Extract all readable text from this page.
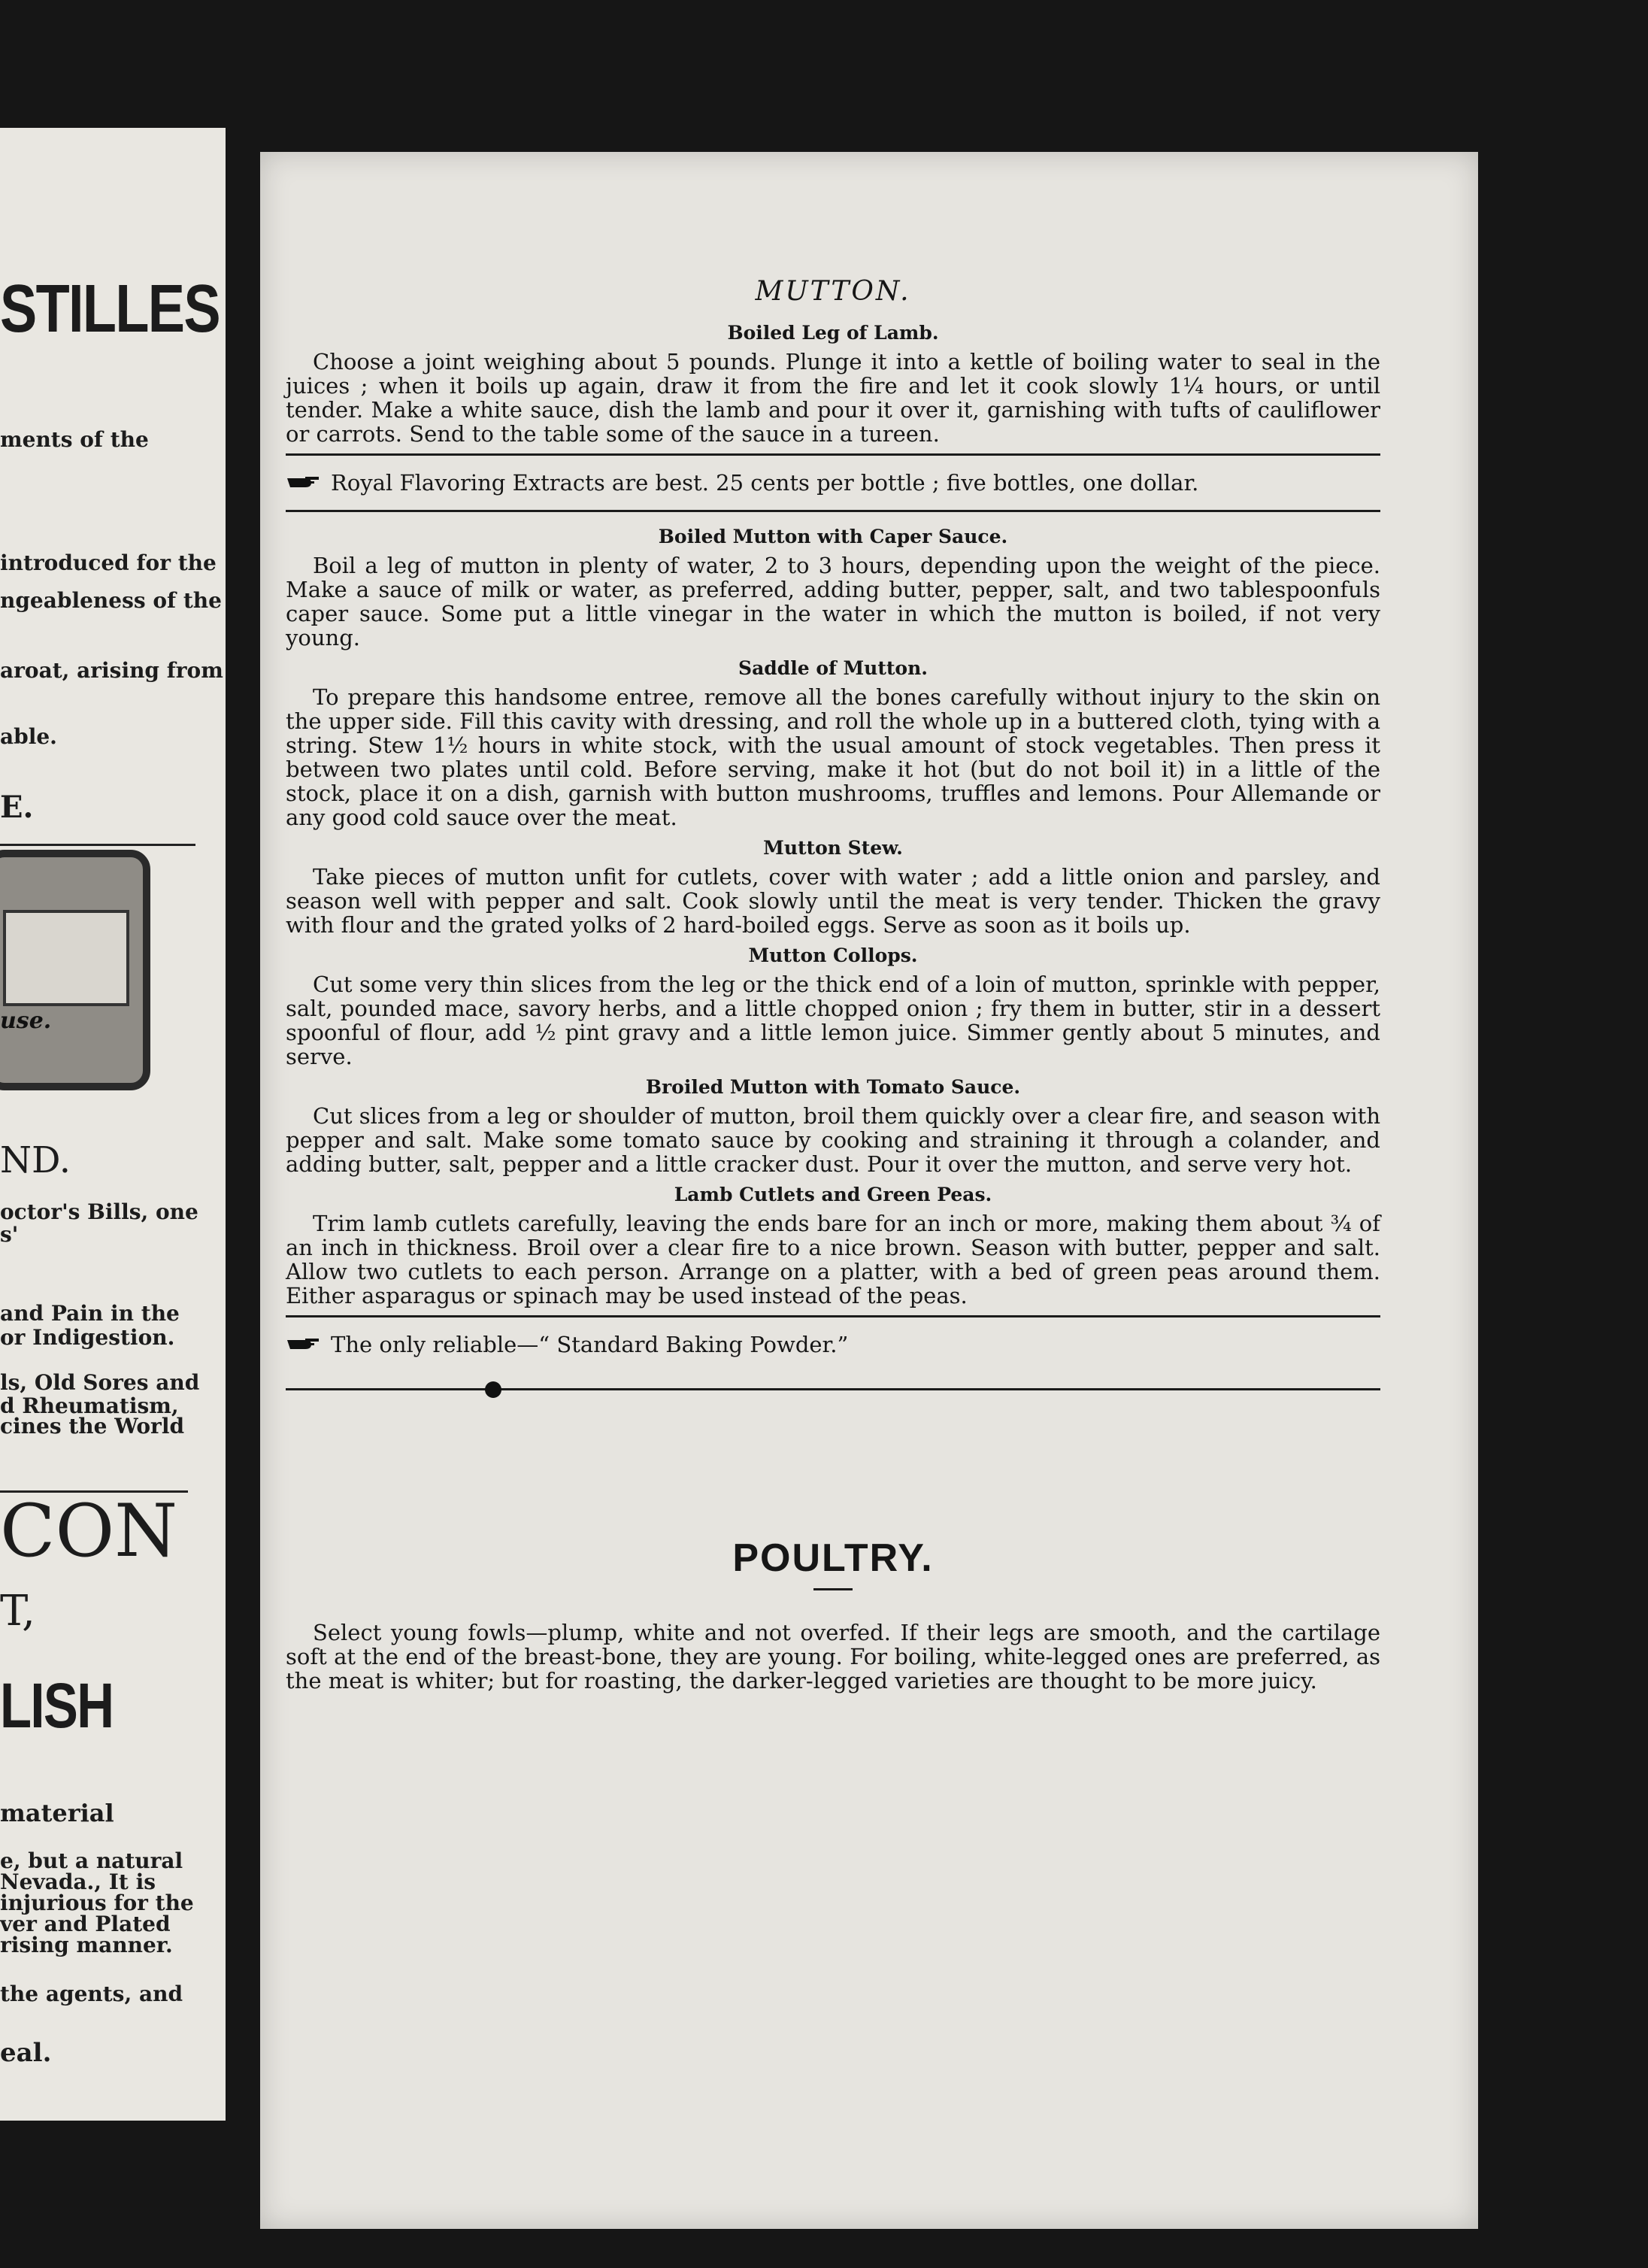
STILLES
ments of the
introduced for the
ngeableness of the
aroat, arising from
able.
E.
use.
ND.
octor's Bills, one
s'
and Pain in the
or Indigestion.
ls, Old Sores and
d Rheumatism,
cines the World
CON
T,
LISH
material
e, but a natural
Nevada., It is
injurious for the
ver and Plated
rising manner.
the agents, and
eal.
MUTTON.
Boiled Leg of Lamb.
Choose a joint weighing about 5 pounds. Plunge it into a kettle of boiling water to seal in the juices ; when it boils up again, draw it from the fire and let it cook slowly 1¼ hours, or until tender. Make a white sauce, dish the lamb and pour it over it, garnishing with tufts of cauliflower or carrots. Send to the table some of the sauce in a tureen.
Royal Flavoring Extracts are best. 25 cents per bottle ; five bottles, one dollar.
Boiled Mutton with Caper Sauce.
Boil a leg of mutton in plenty of water, 2 to 3 hours, depending upon the weight of the piece. Make a sauce of milk or water, as preferred, adding butter, pepper, salt, and two tablespoonfuls caper sauce. Some put a little vinegar in the water in which the mutton is boiled, if not very young.
Saddle of Mutton.
To prepare this handsome entree, remove all the bones carefully without injury to the skin on the upper side. Fill this cavity with dressing, and roll the whole up in a buttered cloth, tying with a string. Stew 1½ hours in white stock, with the usual amount of stock vegetables. Then press it between two plates until cold. Before serving, make it hot (but do not boil it) in a little of the stock, place it on a dish, garnish with button mushrooms, truffles and lemons. Pour Allemande or any good cold sauce over the meat.
Mutton Stew.
Take pieces of mutton unfit for cutlets, cover with water ; add a little onion and parsley, and season well with pepper and salt. Cook slowly until the meat is very tender. Thicken the gravy with flour and the grated yolks of 2 hard-boiled eggs. Serve as soon as it boils up.
Mutton Collops.
Cut some very thin slices from the leg or the thick end of a loin of mutton, sprinkle with pepper, salt, pounded mace, savory herbs, and a little chopped onion ; fry them in butter, stir in a dessert spoonful of flour, add ½ pint gravy and a little lemon juice. Simmer gently about 5 minutes, and serve.
Broiled Mutton with Tomato Sauce.
Cut slices from a leg or shoulder of mutton, broil them quickly over a clear fire, and season with pepper and salt. Make some tomato sauce by cooking and straining it through a colander, and adding butter, salt, pepper and a little cracker dust. Pour it over the mutton, and serve very hot.
Lamb Cutlets and Green Peas.
Trim lamb cutlets carefully, leaving the ends bare for an inch or more, making them about ¾ of an inch in thickness. Broil over a clear fire to a nice brown. Season with butter, pepper and salt. Allow two cutlets to each person. Arrange on a platter, with a bed of green peas around them. Either asparagus or spinach may be used instead of the peas.
The only reliable—“ Standard Baking Powder.”
POULTRY.
Select young fowls—plump, white and not overfed. If their legs are smooth, and the cartilage soft at the end of the breast-bone, they are young. For boiling, white-legged ones are preferred, as the meat is whiter; but for roasting, the darker-legged varieties are thought to be more juicy.
